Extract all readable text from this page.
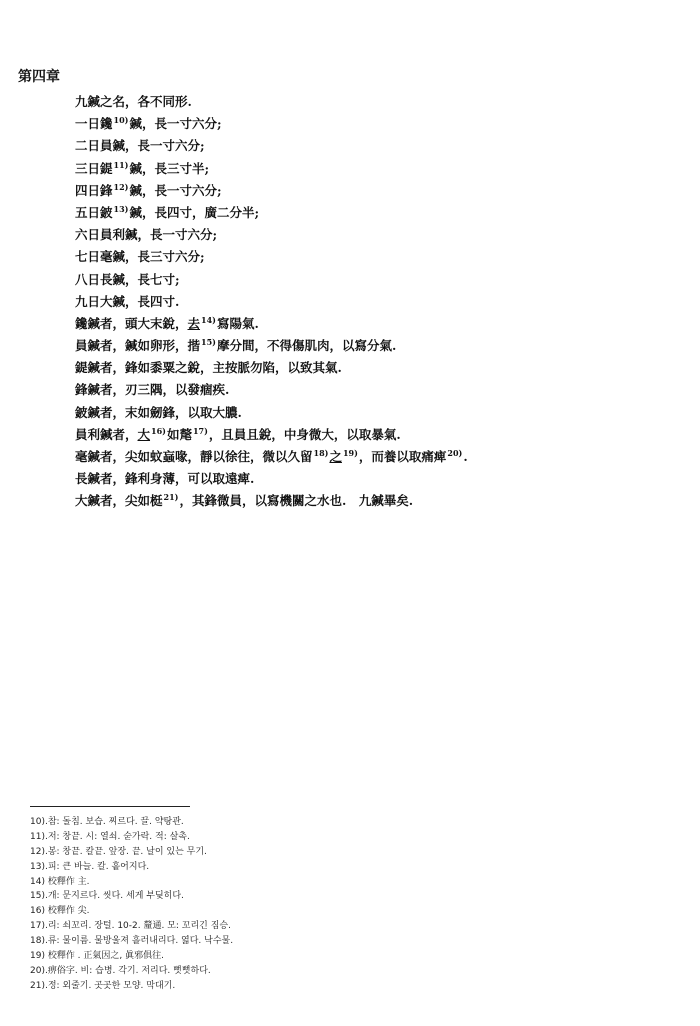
第四章
九鍼之名，各不同形.
一日鑱$^{10)}$鍼，長一寸六分;
二日員鍼，長一寸六分;
三日鍉$^{11)}$鍼，長三寸半;
四日鋒$^{12)}$鍼，長一寸六分;
五日鈹$^{13)}$鍼，長四寸，廣二分半;
六日員利鍼，長一寸六分;
七日毫鍼，長三寸六分;
八日長鍼，長七寸;
九日大鍼，長四寸.
鑱鍼者，頭大末銳，去$^{14)}$寫陽氣.
員鍼者，鍼如卵形，揩$^{15)}$摩分間，不得傷肌肉，以寫分氣.
鍉鍼者，鋒如黍粟之銳，主按脈勿陷，以致其氣.
鋒鍼者，刃三隅，以發痼疾.
鈹鍼者，末如劒鋒，以取大膿.
員利鍼者，大$^{16)}$如氂$^{17)}$，且員且銳，中身微大，以取暴氣.
毫鍼者，尖如蚊蝱喙，靜以徐往，微以久留$^{18)}$之$^{19)}$，而養以取痛痺$^{20)}$.
長鍼者，鋒利身薄，可以取遠痺.
大鍼者，尖如梃$^{21)}$，其鋒微員，以寫機關之水也.　九鍼畢矣.
10).참: 돌침. 보습. 찌르다. 끌. 약탕관.
11).저: 창끝. 시: 열쇠. 숟가락. 적: 살촉.
12).봉: 창끝. 칼끝. 앞장. 끝. 날이 있는 무기.
13).피: 큰 바늘. 칼. 흩어지다.
14) 校釋作 主.
15).개: 문지르다. 씻다. 세게 부딪히다.
16) 校釋作 尖.
17).리: 쇠꼬리. 장털. 10-2. 釐通. 모: 꼬리긴 짐승.
18).류: 물이름. 물방울져 흘러내리다. 엷다. 낙수물.
19) 校釋作 . 正氣因之, 眞邪俱往.
20).痹俗字. 비: 습병. 각기. 저리다. 뻣뻣하다.
21).정: 외줄기. 곳곳한 모양. 막대기.
